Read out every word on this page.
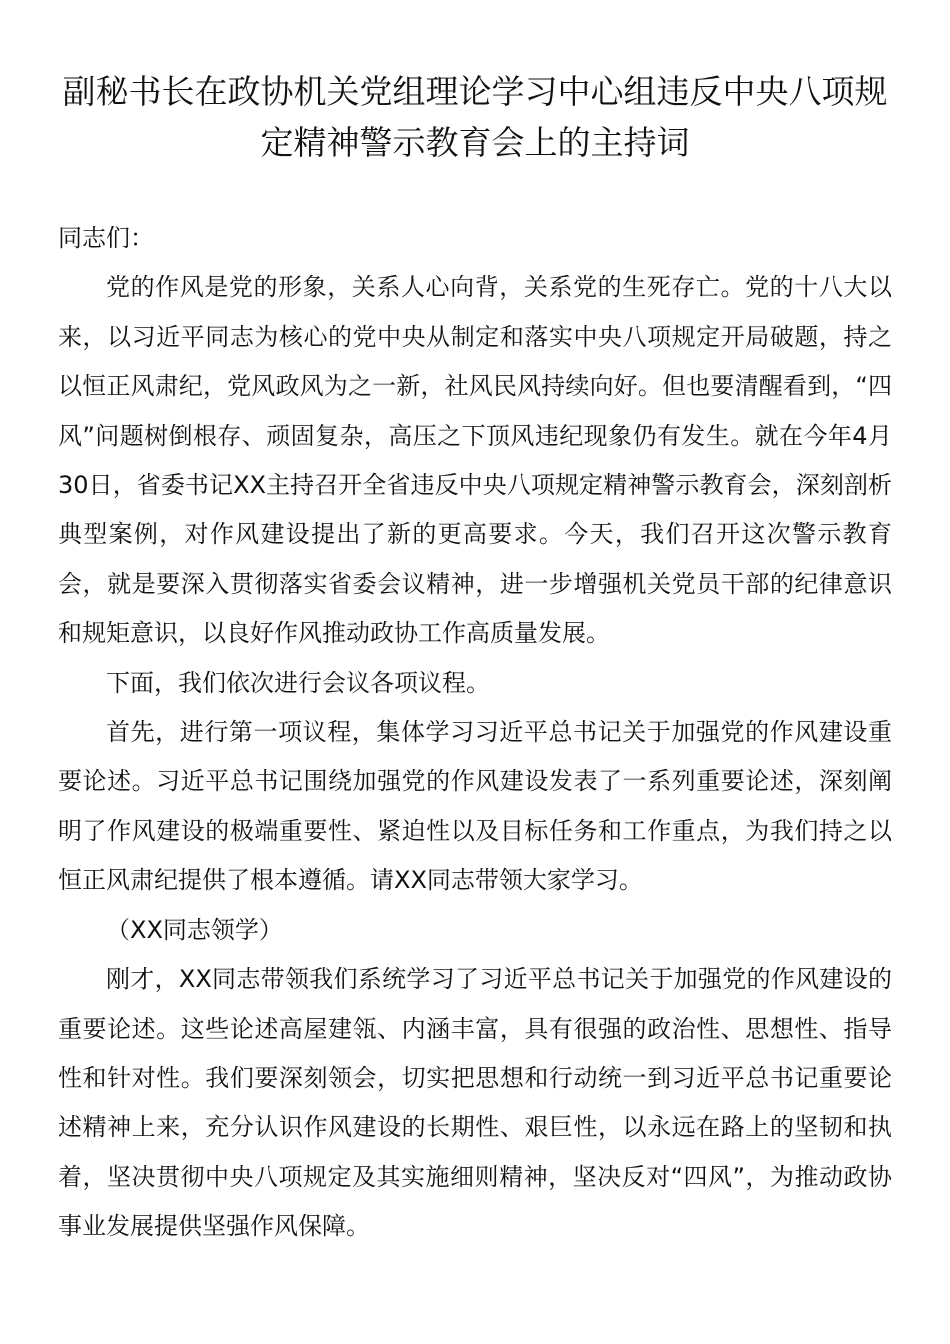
副秘书长在政协机关党组理论学习中心组违反中央八项规定精神警示教育会上的主持词

同志们：

党的作风是党的形象，关系人心向背，关系党的生死存亡。党的十八大以来，以习近平同志为核心的党中央从制定和落实中央八项规定开局破题，持之以恒正风肃纪，党风政风为之一新，社风民风持续向好。但也要清醒看到，“四风”问题树倒根存、顽固复杂，高压之下顶风违纪现象仍有发生。就在今年4月30日，省委书记XX主持召开全省违反中央八项规定精神警示教育会，深刻剖析典型案例，对作风建设提出了新的更高要求。今天，我们召开这次警示教育会，就是要深入贯彻落实省委会议精神，进一步增强机关党员干部的纪律意识和规矩意识，以良好作风推动政协工作高质量发展。

下面，我们依次进行会议各项议程。

首先，进行第一项议程，集体学习习近平总书记关于加强党的作风建设重要论述。习近平总书记围绕加强党的作风建设发表了一系列重要论述，深刻阐明了作风建设的极端重要性、紧迫性以及目标任务和工作重点，为我们持之以恒正风肃纪提供了根本遵循。请XX同志带领大家学习。

（XX同志领学）

刚才，XX同志带领我们系统学习了习近平总书记关于加强党的作风建设的重要论述。这些论述高屋建瓴、内涵丰富，具有很强的政治性、思想性、指导性和针对性。我们要深刻领会，切实把思想和行动统一到习近平总书记重要论述精神上来，充分认识作风建设的长期性、艰巨性，以永远在路上的坚韧和执着，坚决贯彻中央八项规定及其实施细则精神，坚决反对“四风”，为推动政协事业发展提供坚强作风保障。
